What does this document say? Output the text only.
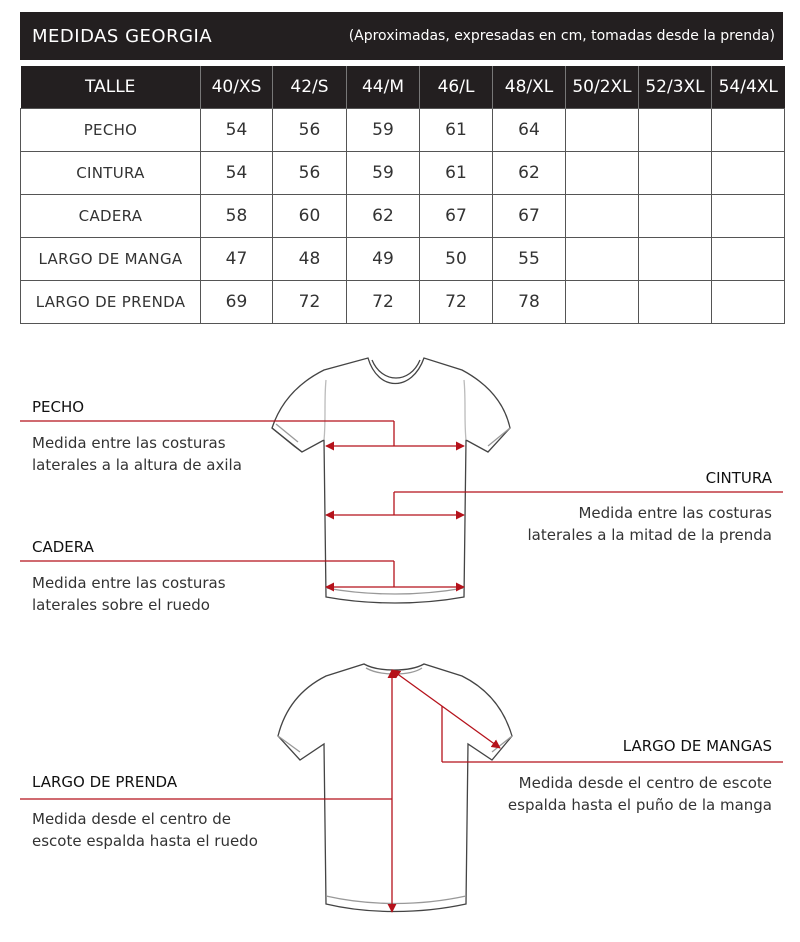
MEDIDAS GEORGIA	(Aproximadas, expresadas en cm, tomadas desde la prenda)
TALLE	40/XS	42/S	44/M	46/L	48/XL	50/2XL	52/3XL	54/4XL
PECHO	54	56	59	61	64			
CINTURA	54	56	59	61	62			
CADERA	58	60	62	67	67			
LARGO DE MANGA	47	48	49	50	55			
LARGO DE PRENDA	69	72	72	72	78			
PECHO
Medida entre las costuras
laterales a la altura de axila
CINTURA
Medida entre las costuras
laterales a la mitad de la prenda
CADERA
Medida entre las costuras
laterales sobre el ruedo
LARGO DE MANGAS
Medida desde el centro de escote
espalda hasta el puño de la manga
LARGO DE PRENDA
Medida desde el centro de
escote espalda hasta el ruedo
